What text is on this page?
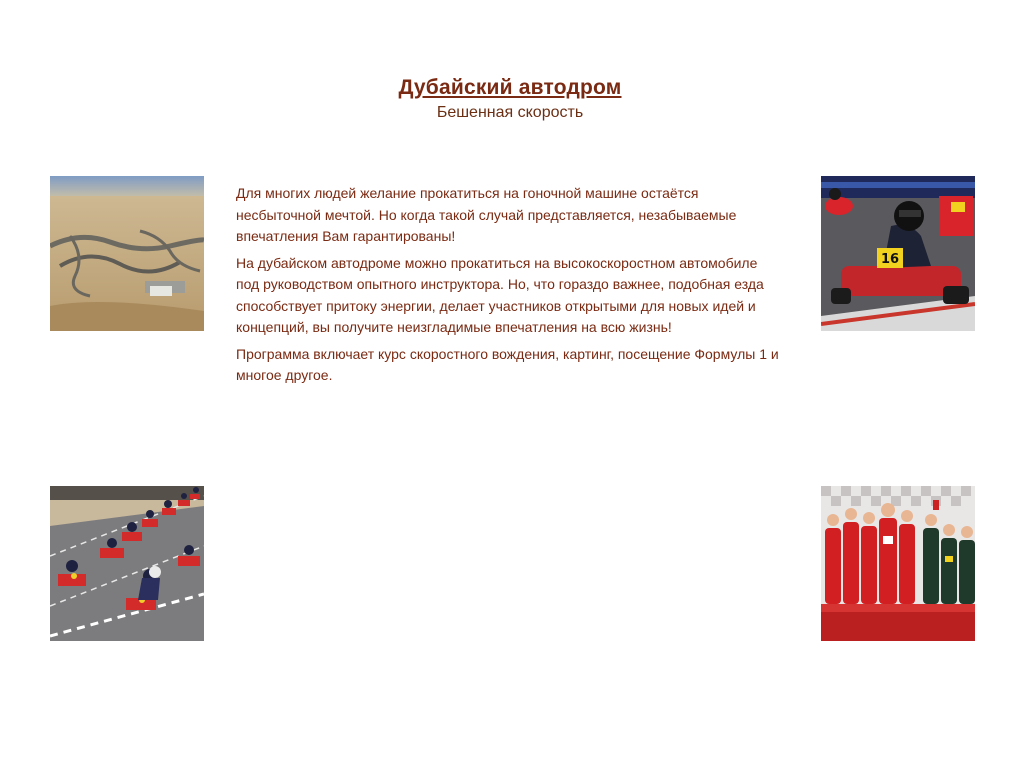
Дубайский автодром
Бешенная скорость

Для многих людей желание прокатиться на гоночной машине остаётся несбыточной мечтой. Но когда такой случай представляется, незабываемые впечатления Вам гарантированы!

На дубайском автодроме можно прокатиться на высокоскоростном автомобиле под руководством опытного инструктора. Но, что гораздо важнее, подобная езда способствует притоку энергии, делает участников открытыми для новых идей и концепций, вы получите неизгладимые впечатления на всю жизнь!

Программа включает курс скоростного вождения, картинг, посещение Формулы 1 и многое другое.

16
